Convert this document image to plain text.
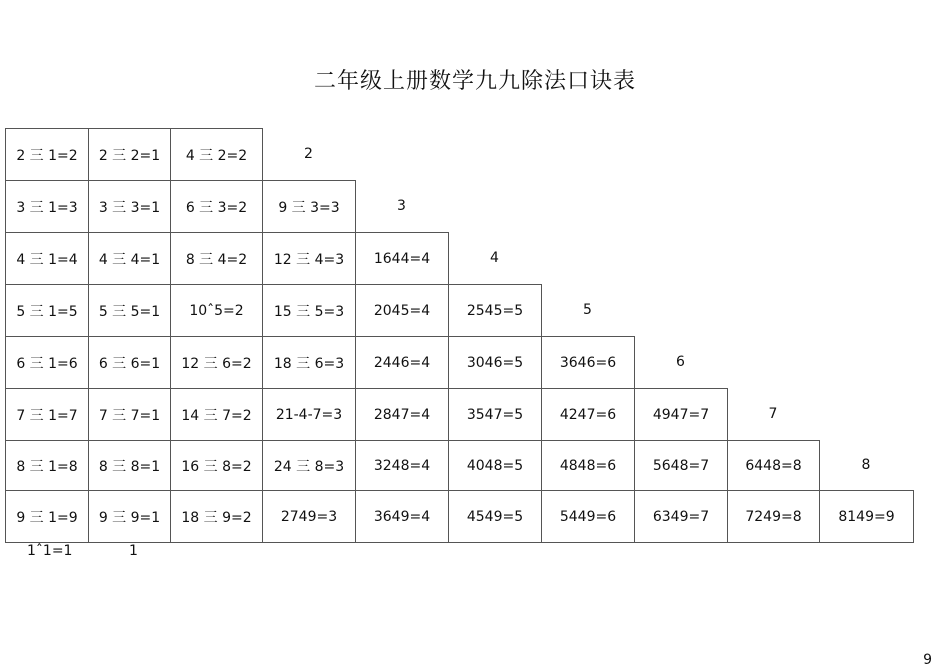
二年级上册数学九九除法口诀表
2 三 1=2	2 三 2=1	4 三 2=2	2
3 三 1=3	3 三 3=1	6 三 3=2	9 三 3=3	3
4 三 1=4	4 三 4=1	8 三 4=2	12 三 4=3	1644=4	4
5 三 1=5	5 三 5=1	10ˆ5=2	15 三 5=3	2045=4	2545=5	5
6 三 1=6	6 三 6=1	12 三 6=2	18 三 6=3	2446=4	3046=5	3646=6	6
7 三 1=7	7 三 7=1	14 三 7=2	21-4-7=3	2847=4	3547=5	4247=6	4947=7	7
8 三 1=8	8 三 8=1	16 三 8=2	24 三 8=3	3248=4	4048=5	4848=6	5648=7	6448=8	8
9 三 1=9	9 三 9=1	18 三 9=2	2749=3	3649=4	4549=5	5449=6	6349=7	7249=8	8149=9
1ˆ1=1	1
9
